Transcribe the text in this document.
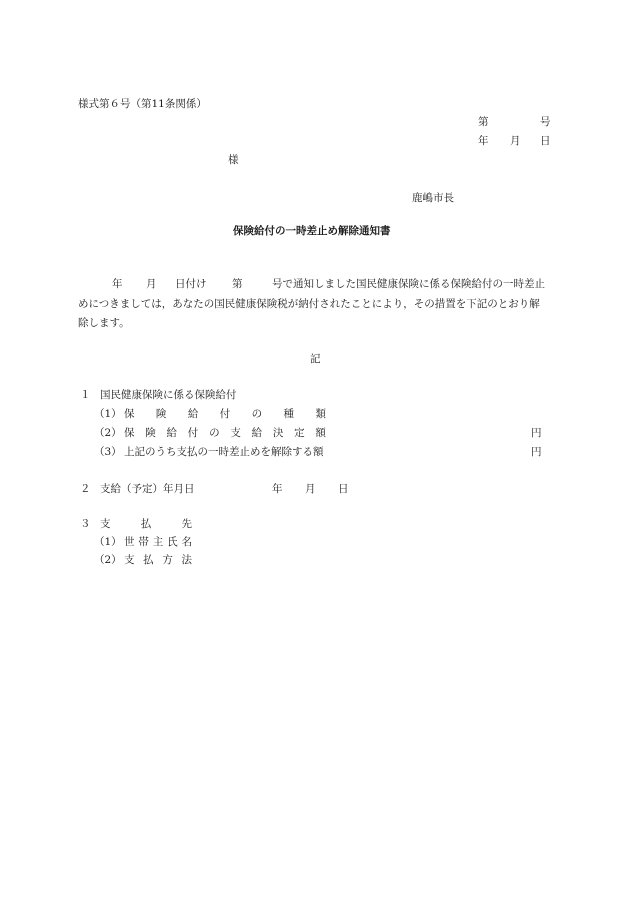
様式第６号（第11条関係）
第	号
年 月 日
様
鹿嶋市長
保険給付の一時差止め解除通知書
年 月 日付け 第	号で通知しました国民健康保険に係る保険給付の一時差止
めにつきましては，あなたの国民健康保険税が納付されたことにより，その措置を下記のとおり解
除します。
記
１ 国民健康保険に係る保険給付
（1） 保 険 給 付 の 種 類
（2） 保 険 給 付 の 支 給 決 定 額	円
（3） 上記のうち支払の一時差止めを解除する額	円
２ 支給（予定）年月日	年 月 日
３ 支	払	先
（1） 世 帯 主 氏 名
（2） 支 払 方 法
